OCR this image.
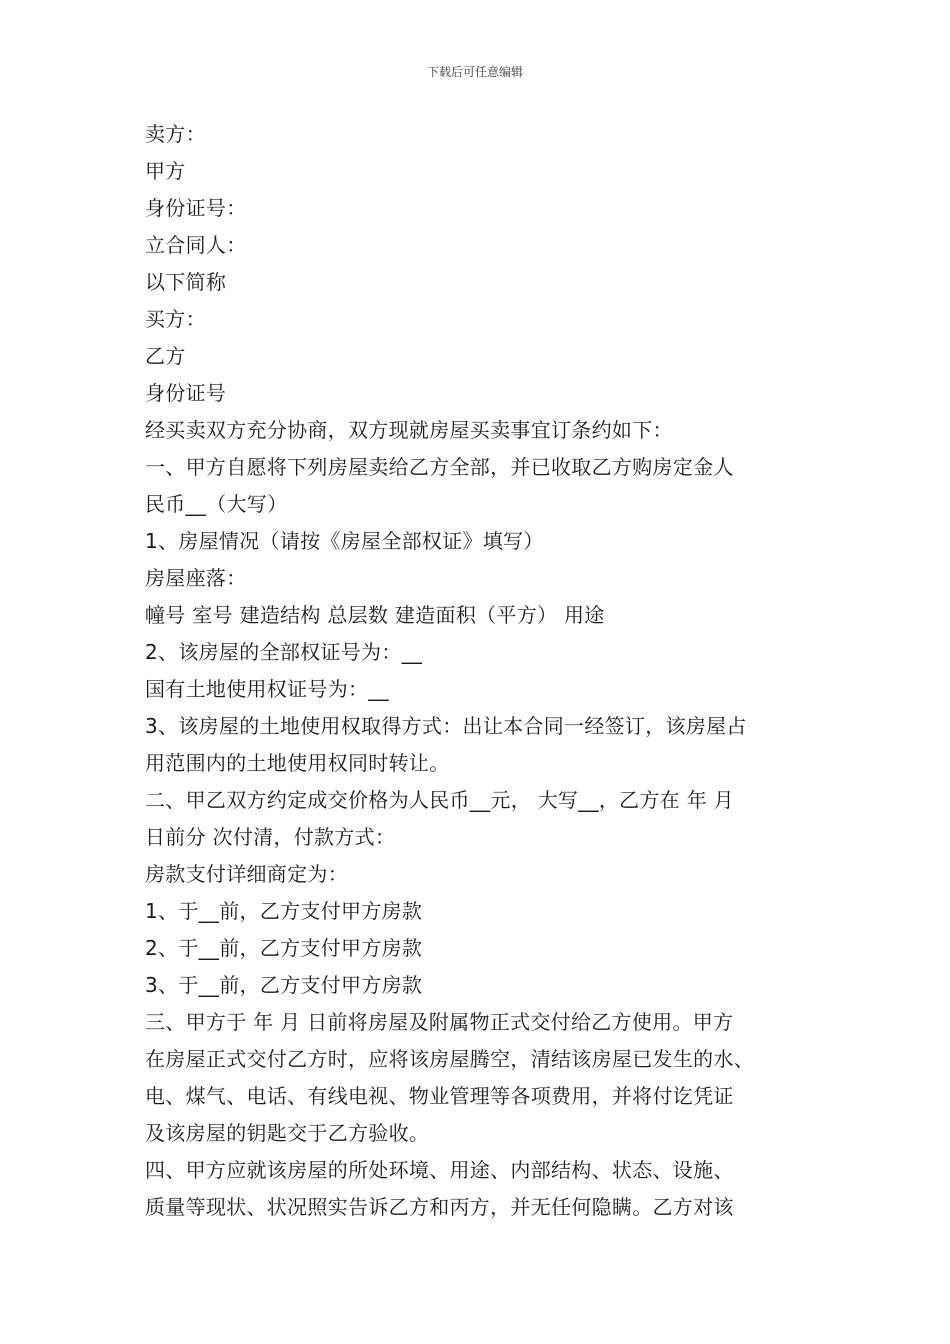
下载后可任意编辑
卖方：
甲方
身份证号：
立合同人：
以下简称
买方：
乙方
身份证号
经买卖双方充分协商，双方现就房屋买卖事宜订条约如下：
一、甲方自愿将下列房屋卖给乙方全部，并已收取乙方购房定金人
民币__（大写）
1、房屋情况（请按《房屋全部权证》填写）
房屋座落：
幢号 室号 建造结构 总层数 建造面积（平方） 用途
2、该房屋的全部权证号为：__
国有土地使用权证号为：__
3、该房屋的土地使用权取得方式：出让本合同一经签订，该房屋占
用范围内的土地使用权同时转让。
二、甲乙双方约定成交价格为人民币__元， 大写__，乙方在 年 月
日前分 次付清，付款方式：
房款支付详细商定为：
1、于__前，乙方支付甲方房款
2、于__前，乙方支付甲方房款
3、于__前，乙方支付甲方房款
三、甲方于 年 月 日前将房屋及附属物正式交付给乙方使用。甲方
在房屋正式交付乙方时，应将该房屋腾空，清结该房屋已发生的水、
电、煤气、电话、有线电视、物业管理等各项费用，并将付讫凭证
及该房屋的钥匙交于乙方验收。
四、甲方应就该房屋的所处环境、用途、内部结构、状态、设施、
质量等现状、状况照实告诉乙方和丙方，并无任何隐瞒。乙方对该
